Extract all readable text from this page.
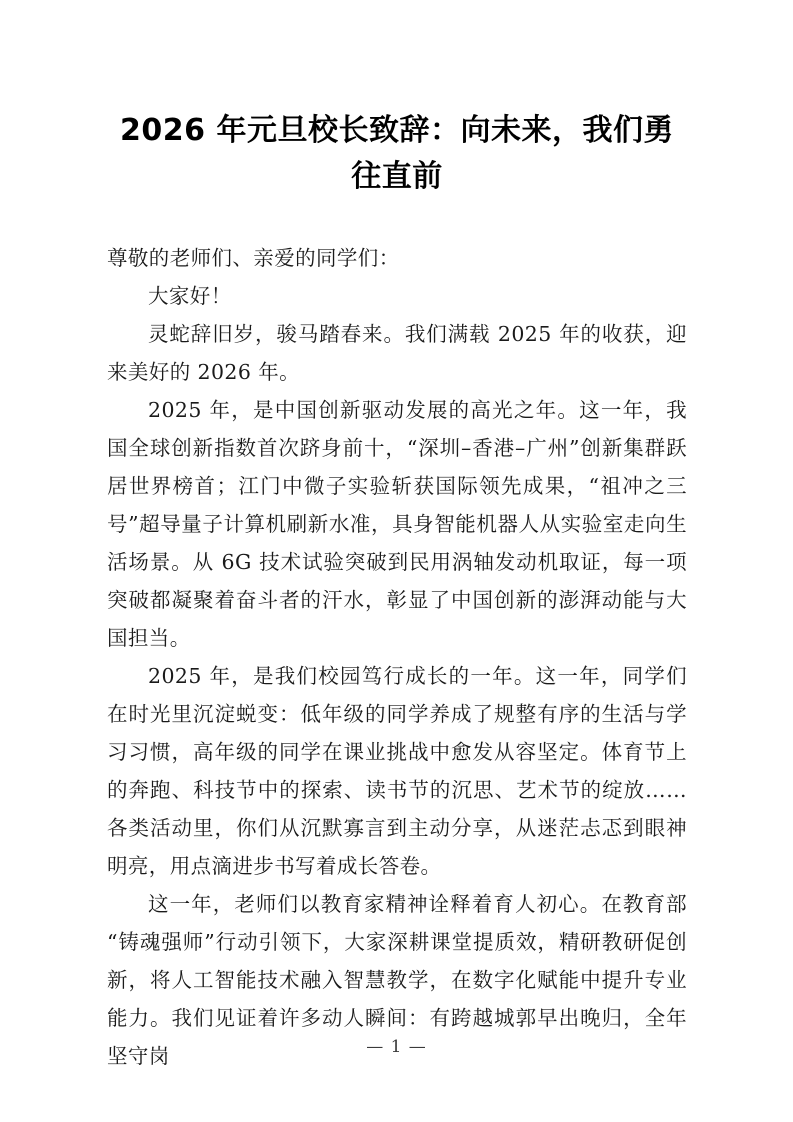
2026 年元旦校长致辞：向未来，我们勇往直前

尊敬的老师们、亲爱的同学们：

大家好！

灵蛇辞旧岁，骏马踏春来。我们满载 2025 年的收获，迎来美好的 2026 年。

2025 年，是中国创新驱动发展的高光之年。这一年，我国全球创新指数首次跻身前十，“深圳–香港–广州”创新集群跃居世界榜首；江门中微子实验斩获国际领先成果，“祖冲之三号”超导量子计算机刷新水准，具身智能机器人从实验室走向生活场景。从 6G 技术试验突破到民用涡轴发动机取证，每一项突破都凝聚着奋斗者的汗水，彰显了中国创新的澎湃动能与大国担当。

2025 年，是我们校园笃行成长的一年。这一年，同学们在时光里沉淀蜕变：低年级的同学养成了规整有序的生活与学习习惯，高年级的同学在课业挑战中愈发从容坚定。体育节上的奔跑、科技节中的探索、读书节的沉思、艺术节的绽放……各类活动里，你们从沉默寡言到主动分享，从迷茫忐忑到眼神明亮，用点滴进步书写着成长答卷。

这一年，老师们以教育家精神诠释着育人初心。在教育部“铸魂强师”行动引领下，大家深耕课堂提质效，精研教研促创新，将人工智能技术融入智慧教学，在数字化赋能中提升专业能力。我们见证着许多动人瞬间：有跨越城郭早出晚归，全年坚守岗	— 1 —
